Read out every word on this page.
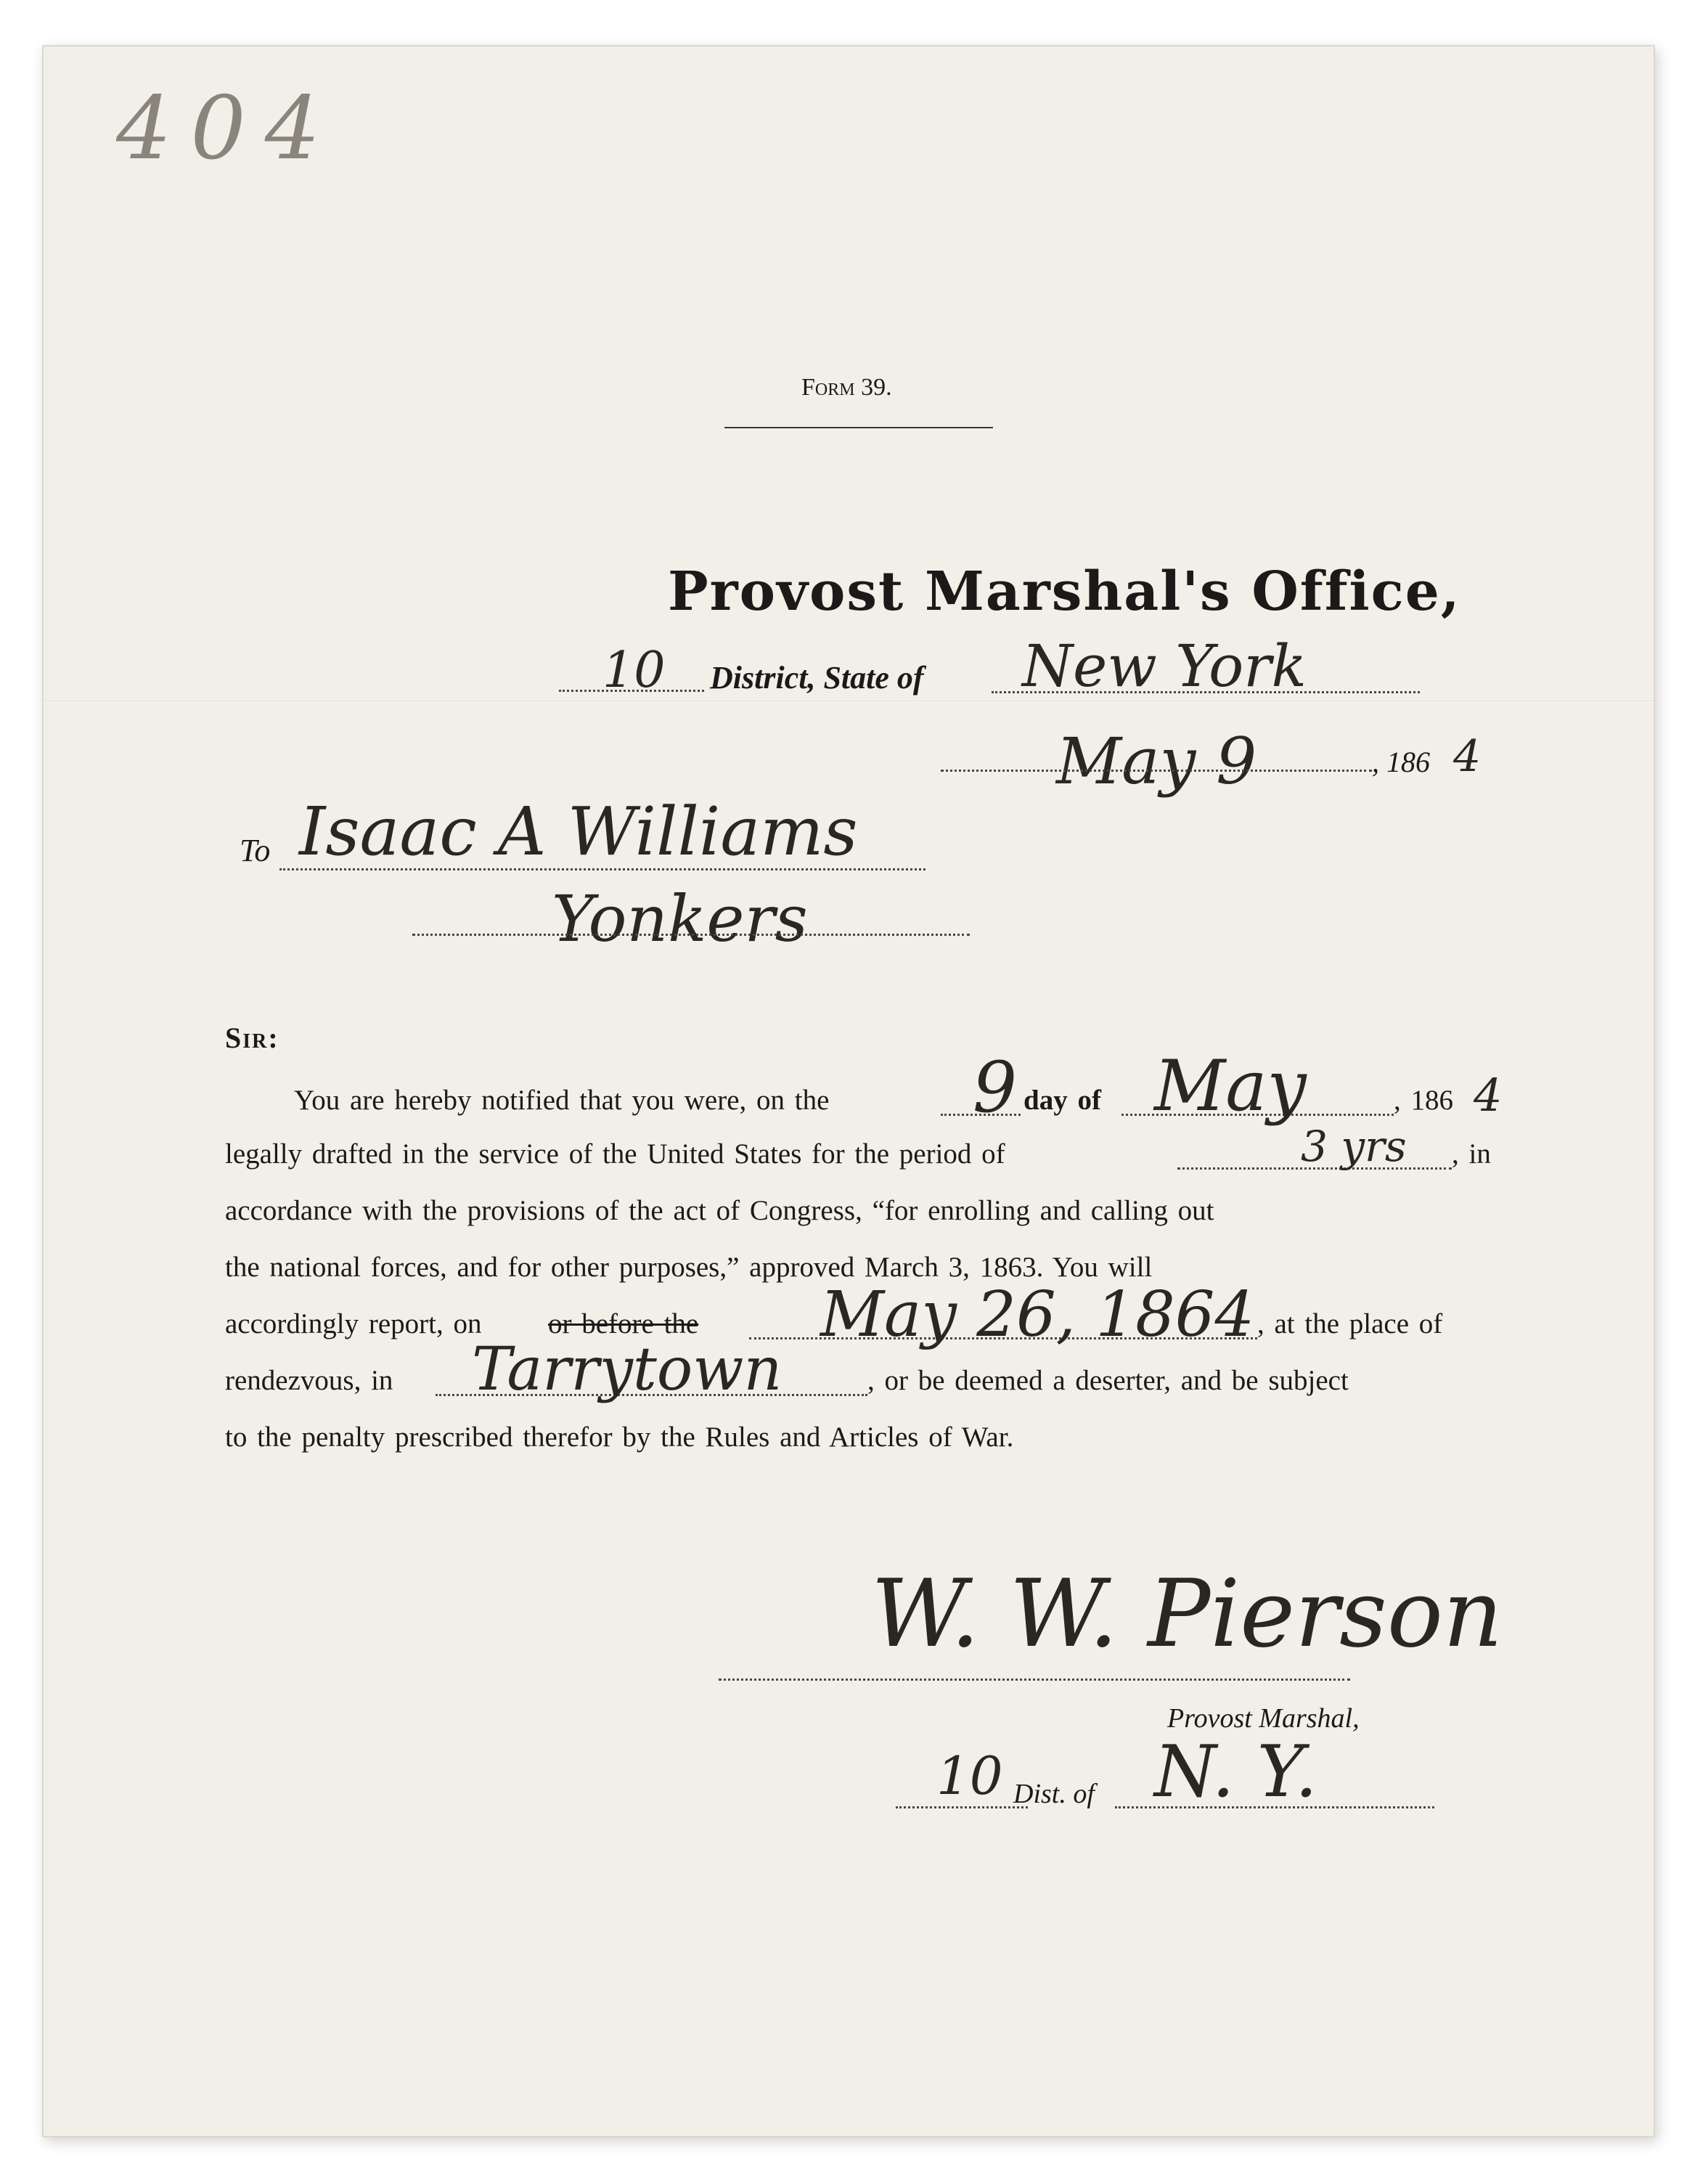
404
Form 39.
Provost Marshal's Office,
10 District, State of New York
May 9	, 186 4
To Isaac A Williams
Yonkers
Sir:
You are hereby notified that you were, on the 9 day of May	, 186 4
legally drafted in the service of the United States for the period of	3 yrs , in
accordance with the provisions of the act of Congress, “for enrolling and calling out
the national forces, and for other purposes,” approved March 3, 1863. You will
accordingly report, on or before the May 26, 1864 , at the place of
rendezvous, in Tarrytown	, or be deemed a deserter, and be subject
to the penalty prescribed therefor by the Rules and Articles of War.
W. W. Pierson
Provost Marshal,
10 Dist. of N. Y.
